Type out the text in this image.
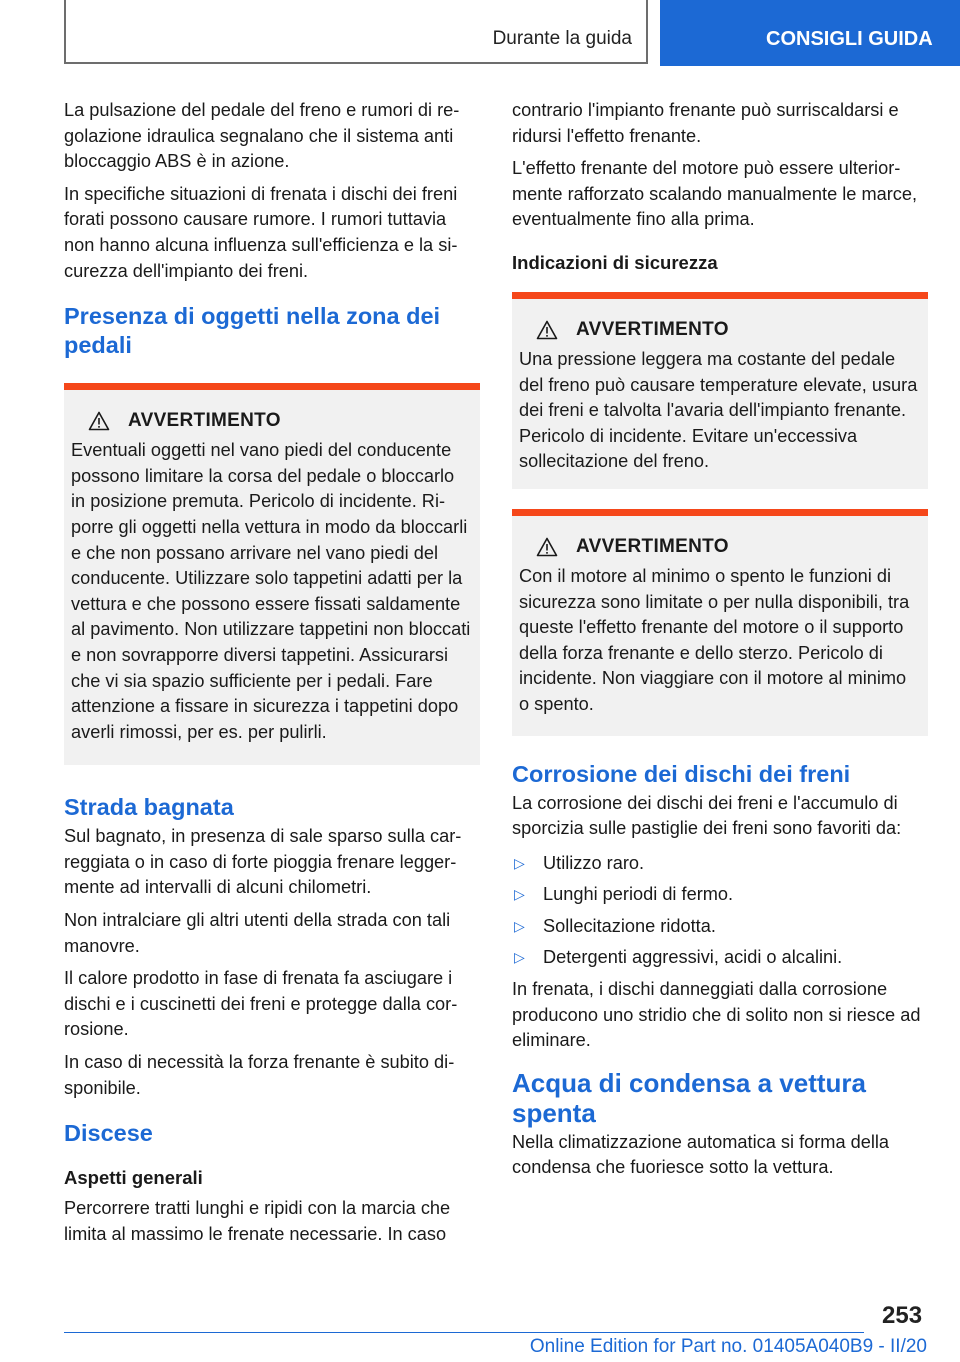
Durante la guida	CONSIGLI GUIDA

La pulsazione del pedale del freno e rumori di regolazione idraulica segnalano che il sistema anti bloccaggio ABS è in azione.

In specifiche situazioni di frenata i dischi dei freni forati possono causare rumore. I rumori tuttavia non hanno alcuna influenza sull'efficienza e la sicurezza dell'impianto dei freni.

Presenza di oggetti nella zona dei pedali
AVVERTIMENTO

Eventuali oggetti nel vano piedi del conducente possono limitare la corsa del pedale o bloccarlo in posizione premuta. Pericolo di incidente. Riporre gli oggetti nella vettura in modo da bloccarli e che non possano arrivare nel vano piedi del conducente. Utilizzare solo tappetini adatti per la vettura e che possono essere fissati saldamente al pavimento. Non utilizzare tappetini non bloccati e non sovrapporre diversi tappetini. Assicurarsi che vi sia spazio sufficiente per i pedali. Fare attenzione a fissare in sicurezza i tappetini dopo averli rimossi, per es. per pulirli.

Strada bagnata

Sul bagnato, in presenza di sale sparso sulla carreggiata o in caso di forte pioggia frenare leggermente ad intervalli di alcuni chilometri.

Non intralciare gli altri utenti della strada con tali manovre.

Il calore prodotto in fase di frenata fa asciugare i dischi e i cuscinetti dei freni e protegge dalla corrosione.

In caso di necessità la forza frenante è subito disponibile.

Discese
Aspetti generali

Percorrere tratti lunghi e ripidi con la marcia che limita al massimo le frenate necessarie. In caso

contrario l'impianto frenante può surriscaldarsi e ridursi l'effetto frenante.

L'effetto frenante del motore può essere ulteriormente rafforzato scalando manualmente le marce, eventualmente fino alla prima.

Indicazioni di sicurezza
AVVERTIMENTO

Una pressione leggera ma costante del pedale del freno può causare temperature elevate, usura dei freni e talvolta l'avaria dell'impianto frenante. Pericolo di incidente. Evitare un'eccessiva sollecitazione del freno.

AVVERTIMENTO

Con il motore al minimo o spento le funzioni di sicurezza sono limitate o per nulla disponibili, tra queste l'effetto frenante del motore o il supporto della forza frenante e dello sterzo. Pericolo di incidente. Non viaggiare con il motore al minimo o spento.

Corrosione dei dischi dei freni

La corrosione dei dischi dei freni e l'accumulo di sporcizia sulle pastiglie dei freni sono favoriti da:

▷	Utilizzo raro.
▷	Lunghi periodi di fermo.
▷	Sollecitazione ridotta.
▷	Detergenti aggressivi, acidi o alcalini.

In frenata, i dischi danneggiati dalla corrosione producono uno stridio che di solito non si riesce ad eliminare.

Acqua di condensa a vettura spenta

Nella climatizzazione automatica si forma della condensa che fuoriesce sotto la vettura.

253
Online Edition for Part no. 01405A040B9 - II/20
